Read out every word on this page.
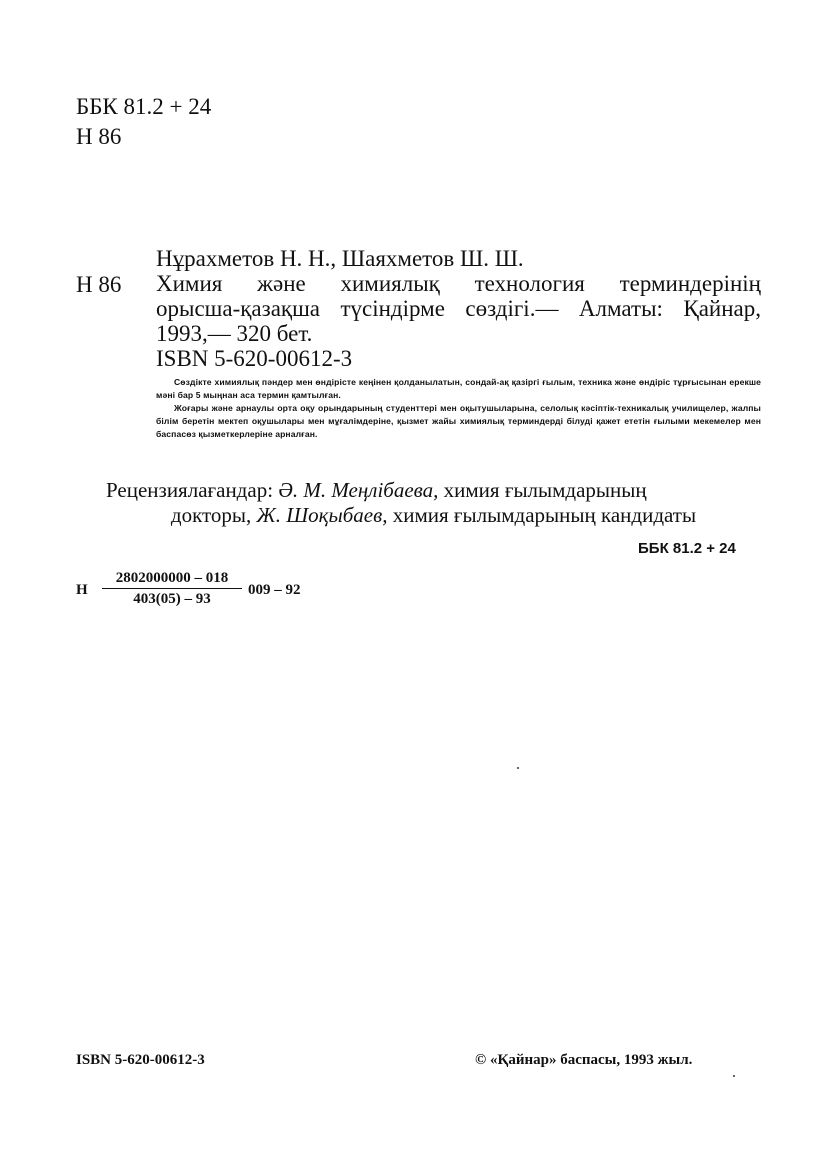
ББК 81.2 + 24
Н 86
Н 86
Нұрахметов Н. Н., Шаяхметов Ш. Ш.
Химия және химиялық технология терминдерінің
орысша-қазақша түсіндірме сөздігі.— Алматы: Қайнар,
1993,— 320 бет.
ISBN 5-620-00612-3

Сөздікте химиялық пәндер мен өндірісте кеңінен қолданылатын, сондай-ақ қазіргі ғылым, техника және өндіріс тұрғысынан ерекше мәні бар 5 мыңнан аса термин қамтылған.

Жоғары және арнаулы орта оқу орындарының студенттері мен оқытушыларына, селолық кәсіптік-техникалық училищелер, жалпы білім беретін мектеп оқушылары мен мұғалімдеріне, қызмет жайы химиялық терминдерді білуді қажет ететін ғылыми мекемелер мен баспасөз қызметкерлеріне арналған.

Рецензиялағандар: Ә. М. Меңлібаева, химия ғылымдарының
докторы, Ж. Шоқыбаев, химия ғылымдарының кандидаты
ББК 81.2 + 24
Н $\frac{2802000000 - 018}{403(05) - 93} 009 - 92$
ISBN 5-620-00612-3	© «Қайнар» баспасы, 1993 жыл.
